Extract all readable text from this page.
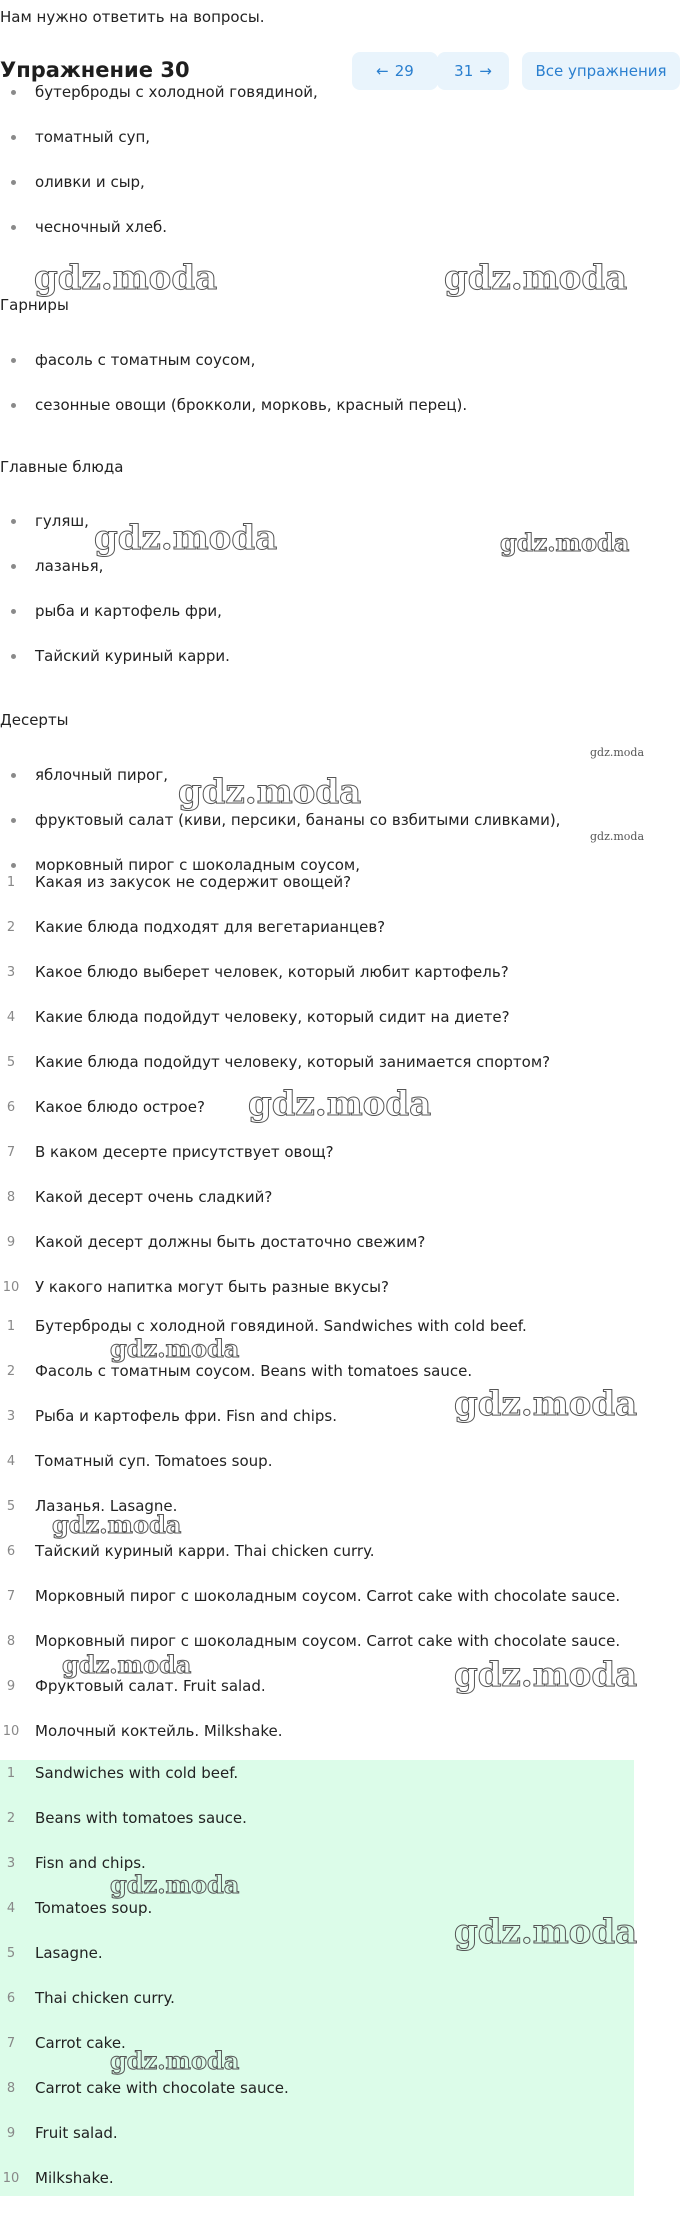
Нам нужно ответить на вопросы.
Упражнение 30	← 29	31 →	Все упражнения
бутерброды с холодной говядиной,
томатный суп,
оливки и сыр,
чесночный хлеб.
Гарниры
фасоль с томатным соусом,
сезонные овощи (брокколи, морковь, красный перец).
Главные блюда
гуляш,
лазанья,
рыба и картофель фри,
Тайский куриный карри.
Десерты
яблочный пирог,
фруктовый салат (киви, персики, бананы со взбитыми сливками),
морковный пирог с шоколадным соусом,
1	Какая из закусок не содержит овощей?
2	Какие блюда подходят для вегетарианцев?
3	Какое блюдо выберет человек, который любит картофель?
4	Какие блюда подойдут человеку, который сидит на диете?
5	Какие блюда подойдут человеку, который занимается спортом?
6	Какое блюдо острое?
7	В каком десерте присутствует овощ?
8	Какой десерт очень сладкий?
9	Какой десерт должны быть достаточно свежим?
10 У какого напитка могут быть разные вкусы?
1	Бутерброды с холодной говядиной. Sandwiches with cold beef.
2	Фасоль с томатным соусом. Beans with tomatoes sauce.
3	Рыба и картофель фри. Fisn and chips.
4	Томатный суп. Tomatoes soup.
5	Лазанья. Lasagne.
6	Тайский куриный карри. Thai chicken curry.
7	Морковный пирог с шоколадным соусом. Carrot cake with chocolate sauce.
8	Морковный пирог с шоколадным соусом. Carrot cake with chocolate sauce.
9	Фруктовый салат. Fruit salad.
10 Молочный коктейль. Milkshake.
1	Sandwiches with cold beef.
2	Beans with tomatoes sauce.
3	Fisn and chips.
4	Tomatoes soup.
5	Lasagne.
6	Thai chicken curry.
7	Carrot cake.
8	Carrot cake with chocolate sauce.
9	Fruit salad.
10 Milkshake.
gdz.moda	gdz.moda
gdz.moda	gdz.moda
gdz.moda
gdz.moda
gdz.moda
gdz.moda
gdz.moda
gdz.moda
gdz.moda
gdz.moda	gdz.moda
gdz.moda
gdz.moda
gdz.moda
